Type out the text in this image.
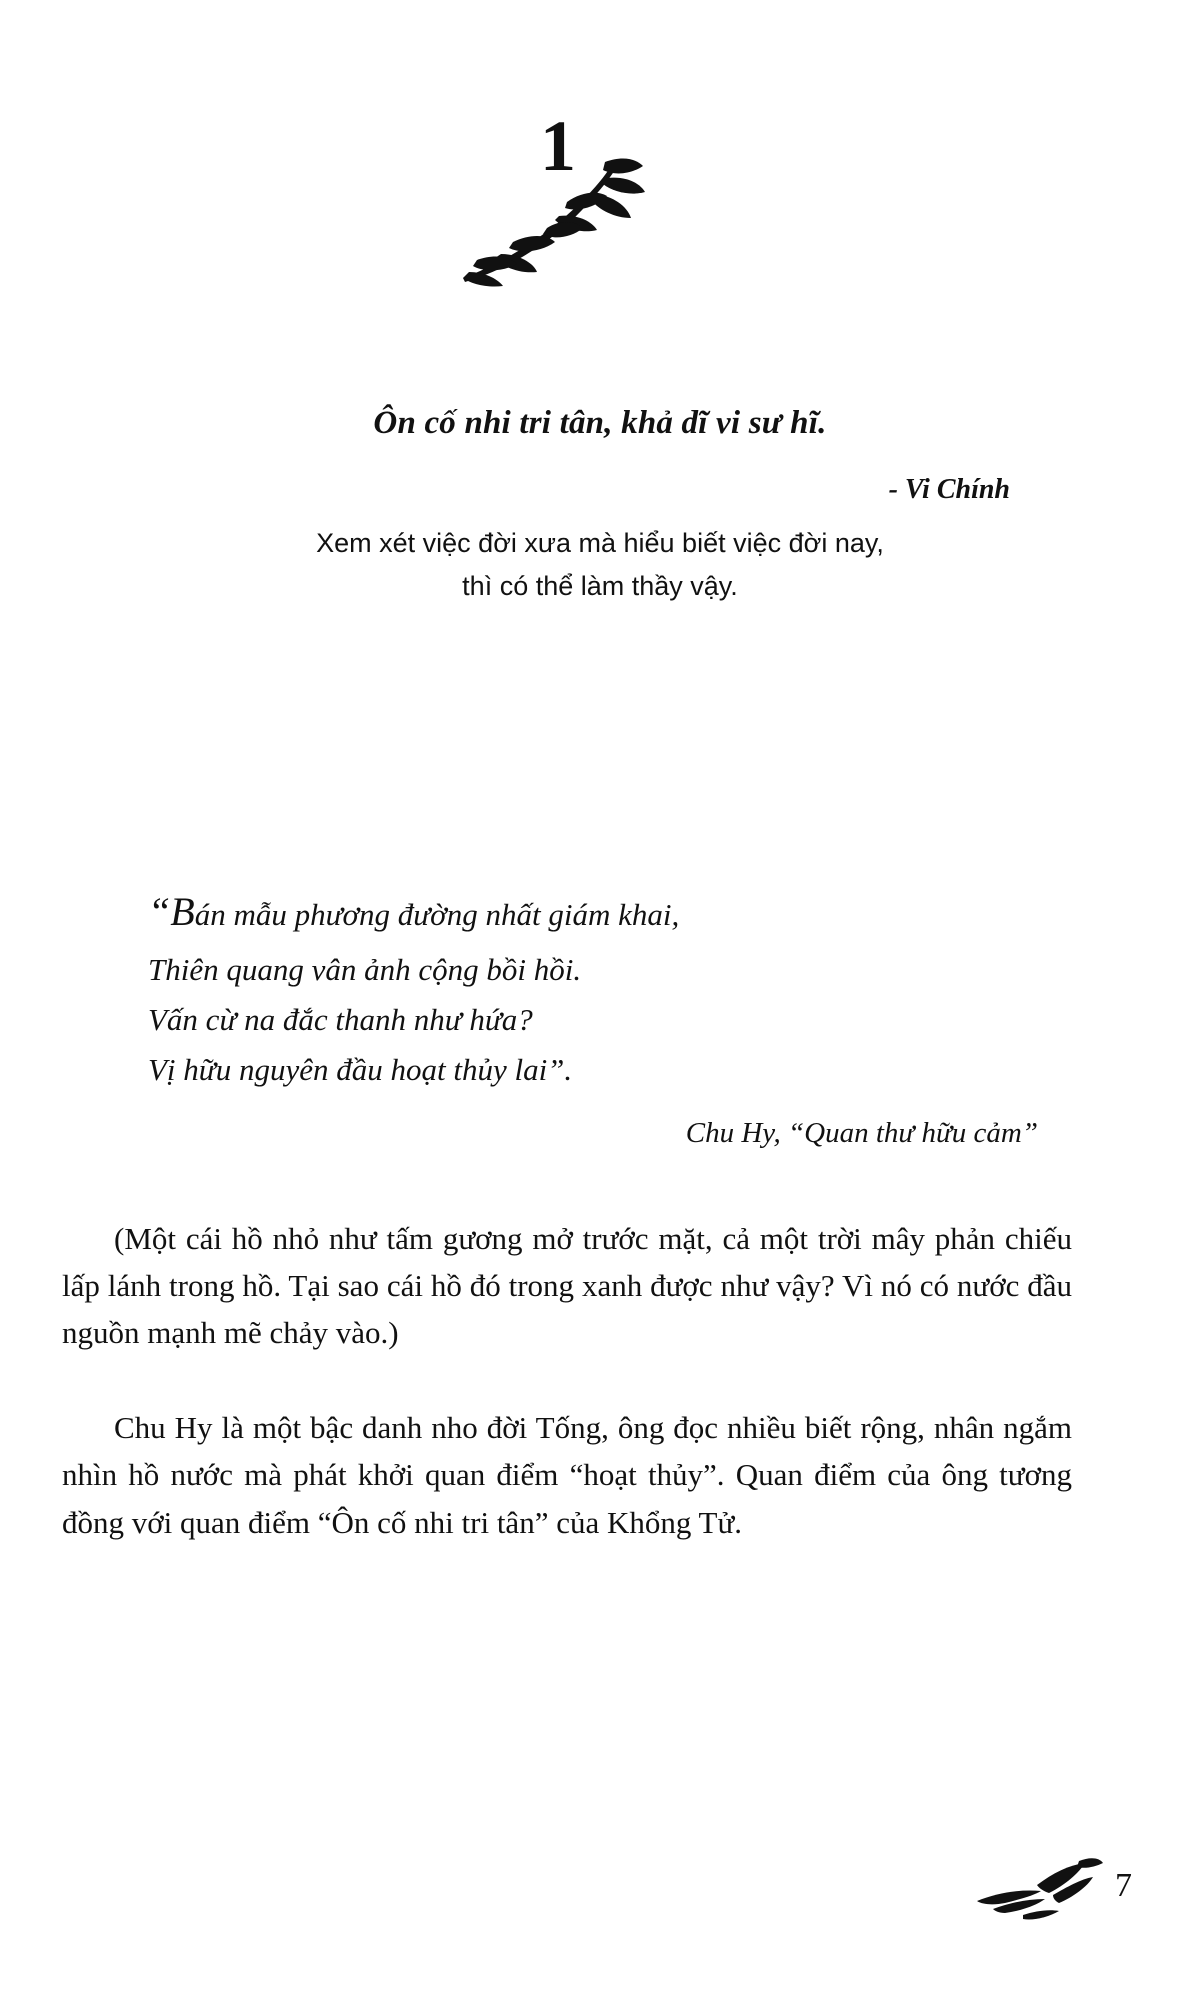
1

Ôn cố nhi tri tân, khả dĩ vi sư hĩ.

- Vi Chính

Xem xét việc đời xưa mà hiểu biết việc đời nay,

thì có thể làm thầy vậy.

“Bán mẫu phương đường nhất giám khai,
Thiên quang vân ảnh cộng bồi hồi.
Vấn cừ na đắc thanh như hứa?
Vị hữu nguyên đầu hoạt thủy lai”.
Chu Hy, “Quan thư hữu cảm”

(Một cái hồ nhỏ như tấm gương mở trước mặt, cả một trời mây phản chiếu lấp lánh trong hồ. Tại sao cái hồ đó trong xanh được như vậy? Vì nó có nước đầu nguồn mạnh mẽ chảy vào.)

Chu Hy là một bậc danh nho đời Tống, ông đọc nhiều biết rộng, nhân ngắm nhìn hồ nước mà phát khởi quan điểm “hoạt thủy”. Quan điểm của ông tương đồng với quan điểm “Ôn cố nhi tri tân” của Khổng Tử.

7
